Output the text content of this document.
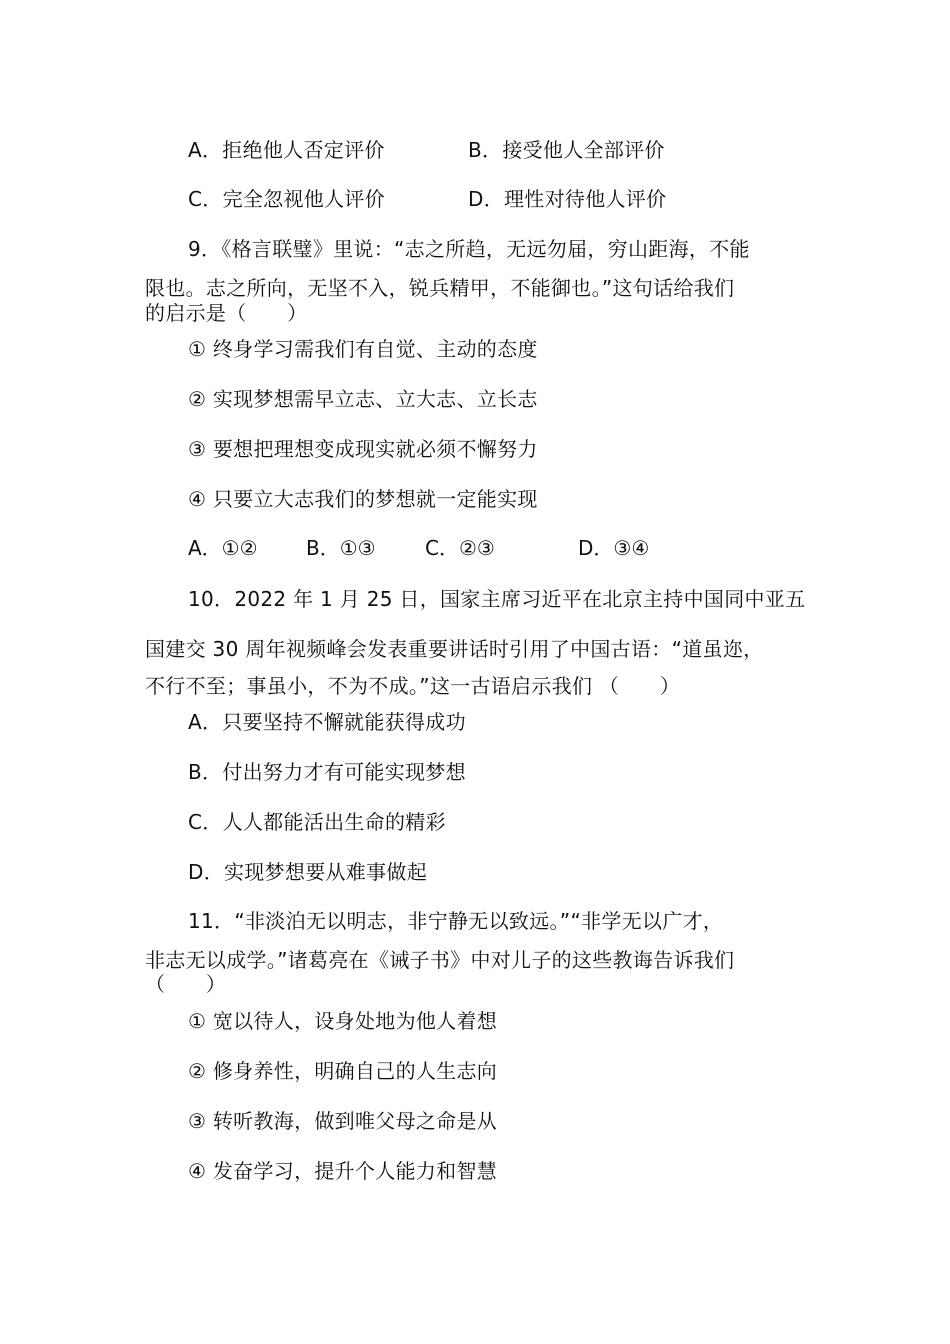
A．拒绝他人否定评价	B．接受他人全部评价
C．完全忽视他人评价	D．理性对待他人评价
9．《格言联璧》里说：“志之所趋，无远勿届，穷山距海，不能
限也。志之所向，无坚不入，锐兵精甲，不能御也。”这句话给我们
的启示是（　　）
① 终身学习需我们有自觉、主动的态度
② 实现梦想需早立志、立大志、立长志
③ 要想把理想变成现实就必须不懈努力
④ 只要立大志我们的梦想就一定能实现
A．①② B．①③ C．②③	D．③④
10．2022 年 1 月 25 日，国家主席习近平在北京主持中国同中亚五
国建交 30 周年视频峰会发表重要讲话时引用了中国古语：“道虽迩，
不行不至；事虽小，不为不成。”这一古语启示我们 （　　）
A．只要坚持不懈就能获得成功
B．付出努力才有可能实现梦想
C．人人都能活出生命的精彩
D．实现梦想要从难事做起
11．“非淡泊无以明志，非宁静无以致远。”“非学无以广才，
非志无以成学。”诸葛亮在《诫子书》中对儿子的这些教诲告诉我们
（　　）
① 宽以待人，设身处地为他人着想
② 修身养性，明确自己的人生志向
③ 转听教海，做到唯父母之命是从
④ 发奋学习，提升个人能力和智慧
